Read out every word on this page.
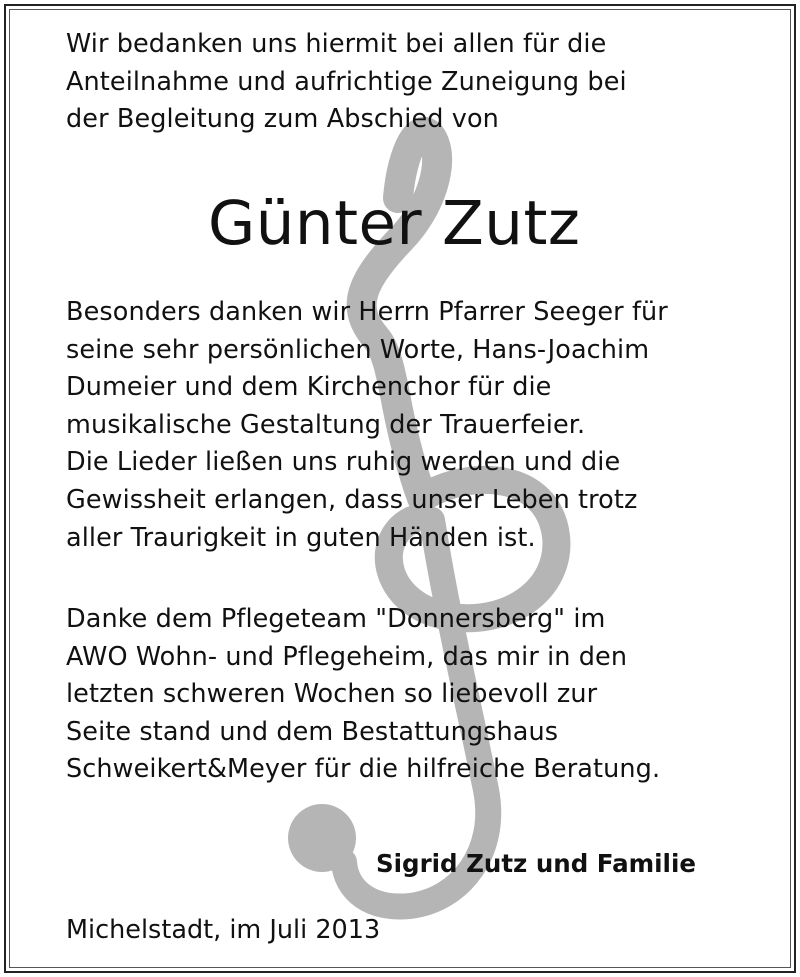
Wir bedanken uns hiermit bei allen für die
Anteilnahme und aufrichtige Zuneigung bei
der Begleitung zum Abschied von
Günter Zutz
Besonders danken wir Herrn Pfarrer Seeger für
seine sehr persönlichen Worte, Hans-Joachim
Dumeier und dem Kirchenchor für die
musikalische Gestaltung der Trauerfeier.
Die Lieder ließen uns ruhig werden und die
Gewissheit erlangen, dass unser Leben trotz
aller Traurigkeit in guten Händen ist.
Danke dem Pflegeteam "Donnersberg" im
AWO Wohn- und Pflegeheim, das mir in den
letzten schweren Wochen so liebevoll zur
Seite stand und dem Bestattungshaus
Schweikert&Meyer für die hilfreiche Beratung.
Sigrid Zutz und Familie
Michelstadt, im Juli 2013
